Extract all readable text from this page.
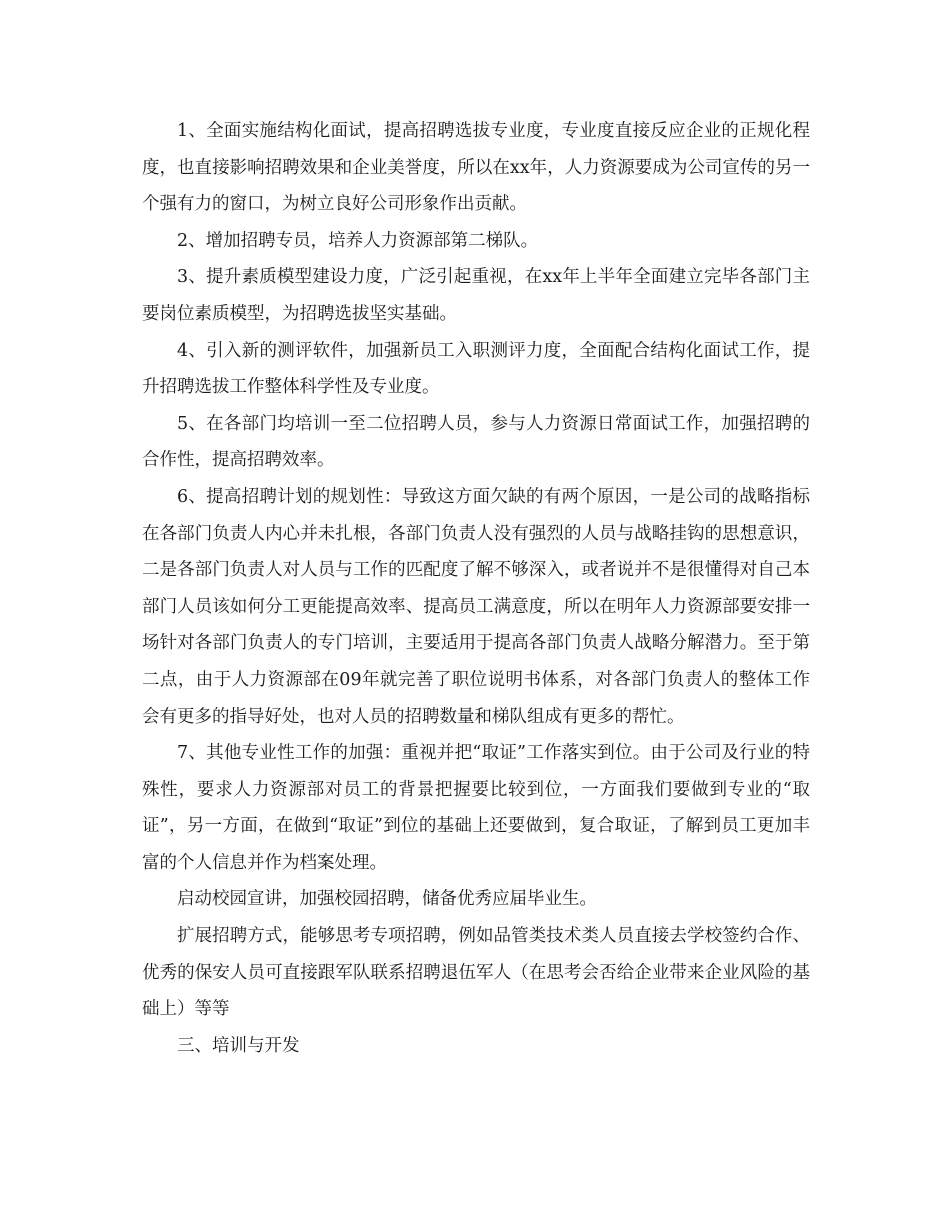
1、全面实施结构化面试，提高招聘选拔专业度，专业度直接反应企业的正规化程度，也直接影响招聘效果和企业美誉度，所以在xx年，人力资源要成为公司宣传的另一个强有力的窗口，为树立良好公司形象作出贡献。

2、增加招聘专员，培养人力资源部第二梯队。

3、提升素质模型建设力度，广泛引起重视，在xx年上半年全面建立完毕各部门主要岗位素质模型，为招聘选拔坚实基础。

4、引入新的测评软件，加强新员工入职测评力度，全面配合结构化面试工作，提升招聘选拔工作整体科学性及专业度。

5、在各部门均培训一至二位招聘人员，参与人力资源日常面试工作，加强招聘的合作性，提高招聘效率。

6、提高招聘计划的规划性：导致这方面欠缺的有两个原因，一是公司的战略指标在各部门负责人内心并未扎根，各部门负责人没有强烈的人员与战略挂钩的思想意识，二是各部门负责人对人员与工作的匹配度了解不够深入，或者说并不是很懂得对自己本部门人员该如何分工更能提高效率、提高员工满意度，所以在明年人力资源部要安排一场针对各部门负责人的专门培训，主要适用于提高各部门负责人战略分解潜力。至于第二点，由于人力资源部在09年就完善了职位说明书体系，对各部门负责人的整体工作会有更多的指导好处，也对人员的招聘数量和梯队组成有更多的帮忙。

7、其他专业性工作的加强：重视并把“取证”工作落实到位。由于公司及行业的特殊性，要求人力资源部对员工的背景把握要比较到位，一方面我们要做到专业的“取证”，另一方面，在做到“取证”到位的基础上还要做到，复合取证，了解到员工更加丰富的个人信息并作为档案处理。

启动校园宣讲，加强校园招聘，储备优秀应届毕业生。

扩展招聘方式，能够思考专项招聘，例如品管类技术类人员直接去学校签约合作、优秀的保安人员可直接跟军队联系招聘退伍军人（在思考会否给企业带来企业风险的基础上）等等

三、培训与开发
